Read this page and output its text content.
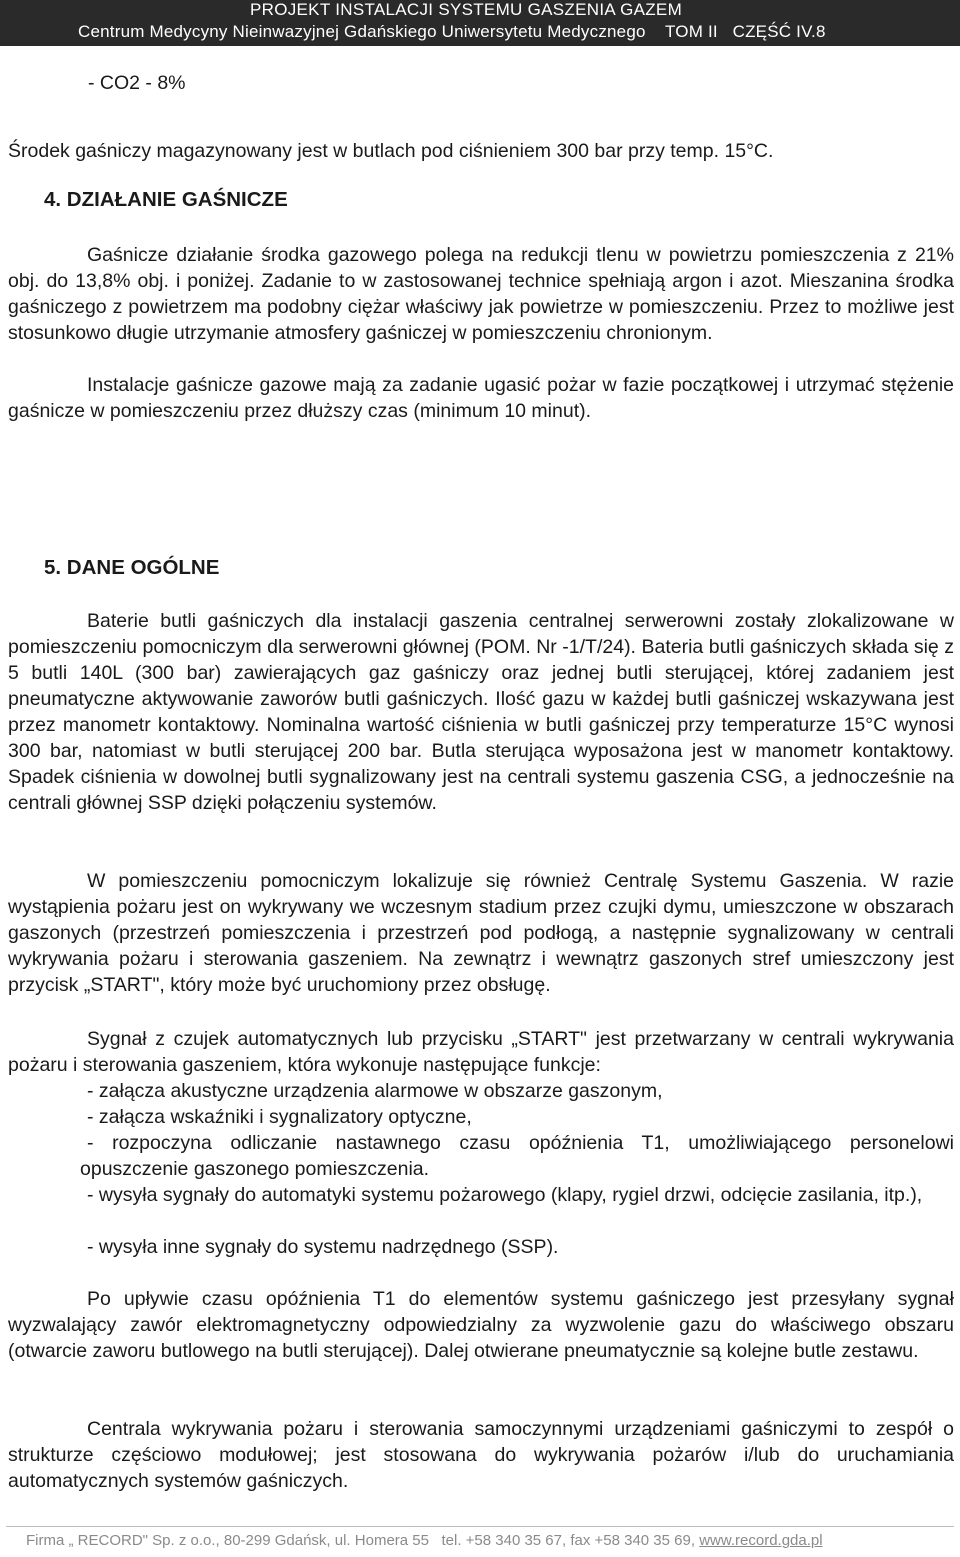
PROJEKT INSTALACJI SYSTEMU GASZENIA GAZEM
Centrum Medycyny Nieinwazyjnej Gdańskiego Uniwersytetu Medycznego    TOM II   CZĘŚĆ IV.8

- CO2 - 8%

Środek gaśniczy magazynowany jest w butlach pod ciśnieniem 300 bar przy temp. 15°C.

4. DZIAŁANIE GAŚNICZE

Gaśnicze działanie środka gazowego polega na redukcji tlenu w powietrzu pomieszczenia z 21% obj. do 13,8% obj. i poniżej. Zadanie to w zastosowanej technice spełniają argon i azot. Mieszanina środka gaśniczego z powietrzem ma podobny ciężar właściwy jak powietrze w pomieszczeniu. Przez to możliwe jest stosunkowo długie utrzymanie atmosfery gaśniczej w pomieszczeniu chronionym.

Instalacje gaśnicze gazowe mają za zadanie ugasić pożar w fazie początkowej i utrzymać stężenie gaśnicze w pomieszczeniu przez dłuższy czas (minimum 10 minut).

5. DANE OGÓLNE

Baterie butli gaśniczych dla instalacji gaszenia centralnej serwerowni zostały zlokalizowane w pomieszczeniu pomocniczym dla serwerowni głównej (POM. Nr -1/T/24). Bateria butli gaśniczych składa się z 5 butli 140L (300 bar) zawierających gaz gaśniczy oraz jednej butli sterującej, której zadaniem jest pneumatyczne aktywowanie zaworów butli gaśniczych. Ilość gazu w każdej butli gaśniczej wskazywana jest przez manometr kontaktowy. Nominalna wartość ciśnienia w butli gaśniczej przy temperaturze 15°C wynosi 300 bar, natomiast w butli sterującej 200 bar. Butla sterująca wyposażona jest w manometr kontaktowy. Spadek ciśnienia w dowolnej butli sygnalizowany jest na centrali systemu gaszenia CSG, a jednocześnie na centrali głównej SSP dzięki połączeniu systemów.

W pomieszczeniu pomocniczym lokalizuje się również Centralę Systemu Gaszenia. W razie wystąpienia pożaru jest on wykrywany we wczesnym stadium przez czujki dymu, umieszczone w obszarach gaszonych (przestrzeń pomieszczenia i przestrzeń pod podłogą, a następnie sygnalizowany w centrali wykrywania pożaru i sterowania gaszeniem. Na zewnątrz i wewnątrz gaszonych stref umieszczony jest przycisk „START", który może być uruchomiony przez obsługę.

Sygnał z czujek automatycznych lub przycisku „START" jest przetwarzany w centrali wykrywania pożaru i sterowania gaszeniem, która wykonuje następujące funkcje:

- załącza akustyczne urządzenia alarmowe w obszarze gaszonym,

- załącza wskaźniki i sygnalizatory optyczne,

- rozpoczyna odliczanie nastawnego czasu opóźnienia T1, umożliwiającego personelowi opuszczenie gaszonego pomieszczenia.

- wysyła sygnały do automatyki systemu pożarowego (klapy, rygiel drzwi, odcięcie zasilania, itp.),

- wysyła inne sygnały do systemu nadrzędnego (SSP).

Po upływie czasu opóźnienia T1 do elementów systemu gaśniczego jest przesyłany sygnał wyzwalający zawór elektromagnetyczny odpowiedzialny za wyzwolenie gazu do właściwego obszaru (otwarcie zaworu butlowego na butli sterującej). Dalej otwierane pneumatycznie są kolejne butle zestawu.

Centrala wykrywania pożaru i sterowania samoczynnymi urządzeniami gaśniczymi to zespół o strukturze częściowo modułowej; jest stosowana do wykrywania pożarów i/lub do uruchamiania automatycznych systemów gaśniczych.

Firma „ RECORD" Sp. z o.o., 80-299 Gdańsk, ul. Homera 55   tel. +58 340 35 67, fax +58 340 35 69, www.record.gda.pl
